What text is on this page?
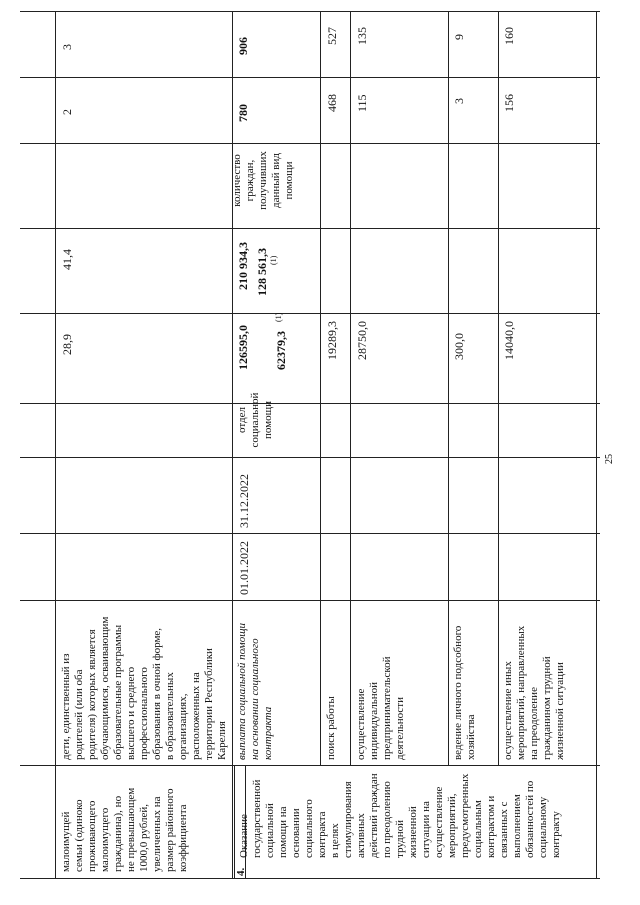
малоимущей
семьи (одиноко
проживающего
малоимущего
гражданина), но
не превышающем
1000,0 рублей,
увеличенных на
размер районного
коэффициента
дети, единственный из
родителей (или оба
родителя) которых является
обучающимися, осваивающим
образовательные программы
высшего и среднего
профессионального
образования в очной форме,
в образовательных
организациях,
расположенных на
территории Республики
Карелия
28,9
41,4
2
3
4.
Оказание
государственной
социальной
помощи на
основании
социального
контракта
в целях
стимулирования
активных
действий граждан
по преодолению
трудной
жизненной
ситуации на
осуществление
мероприятий,
предусмотренных
социальным
контрактом и
связанных с
выполнением
обязанностей по
социальному
контракту
выплата социальной помощи
на основании социального
контракта
01.01.2022
31.12.2022
отдел
социальной
помощи
126595,0 62379,3
(1)
210 934,3 128 561,3 (1)
количество
граждан,
получивших
данный вид
помощи
780
906
поиск работы
19289,3
468
527
осуществление
индивидуальной
предпринимательской
деятельности
28750,0
115
135
ведение личного подсобного
хозяйства
300,0
3
9
осуществление иных
мероприятий, направленных
на преодоление
гражданином трудной
жизненной ситуации
14040,0
156
160
25
